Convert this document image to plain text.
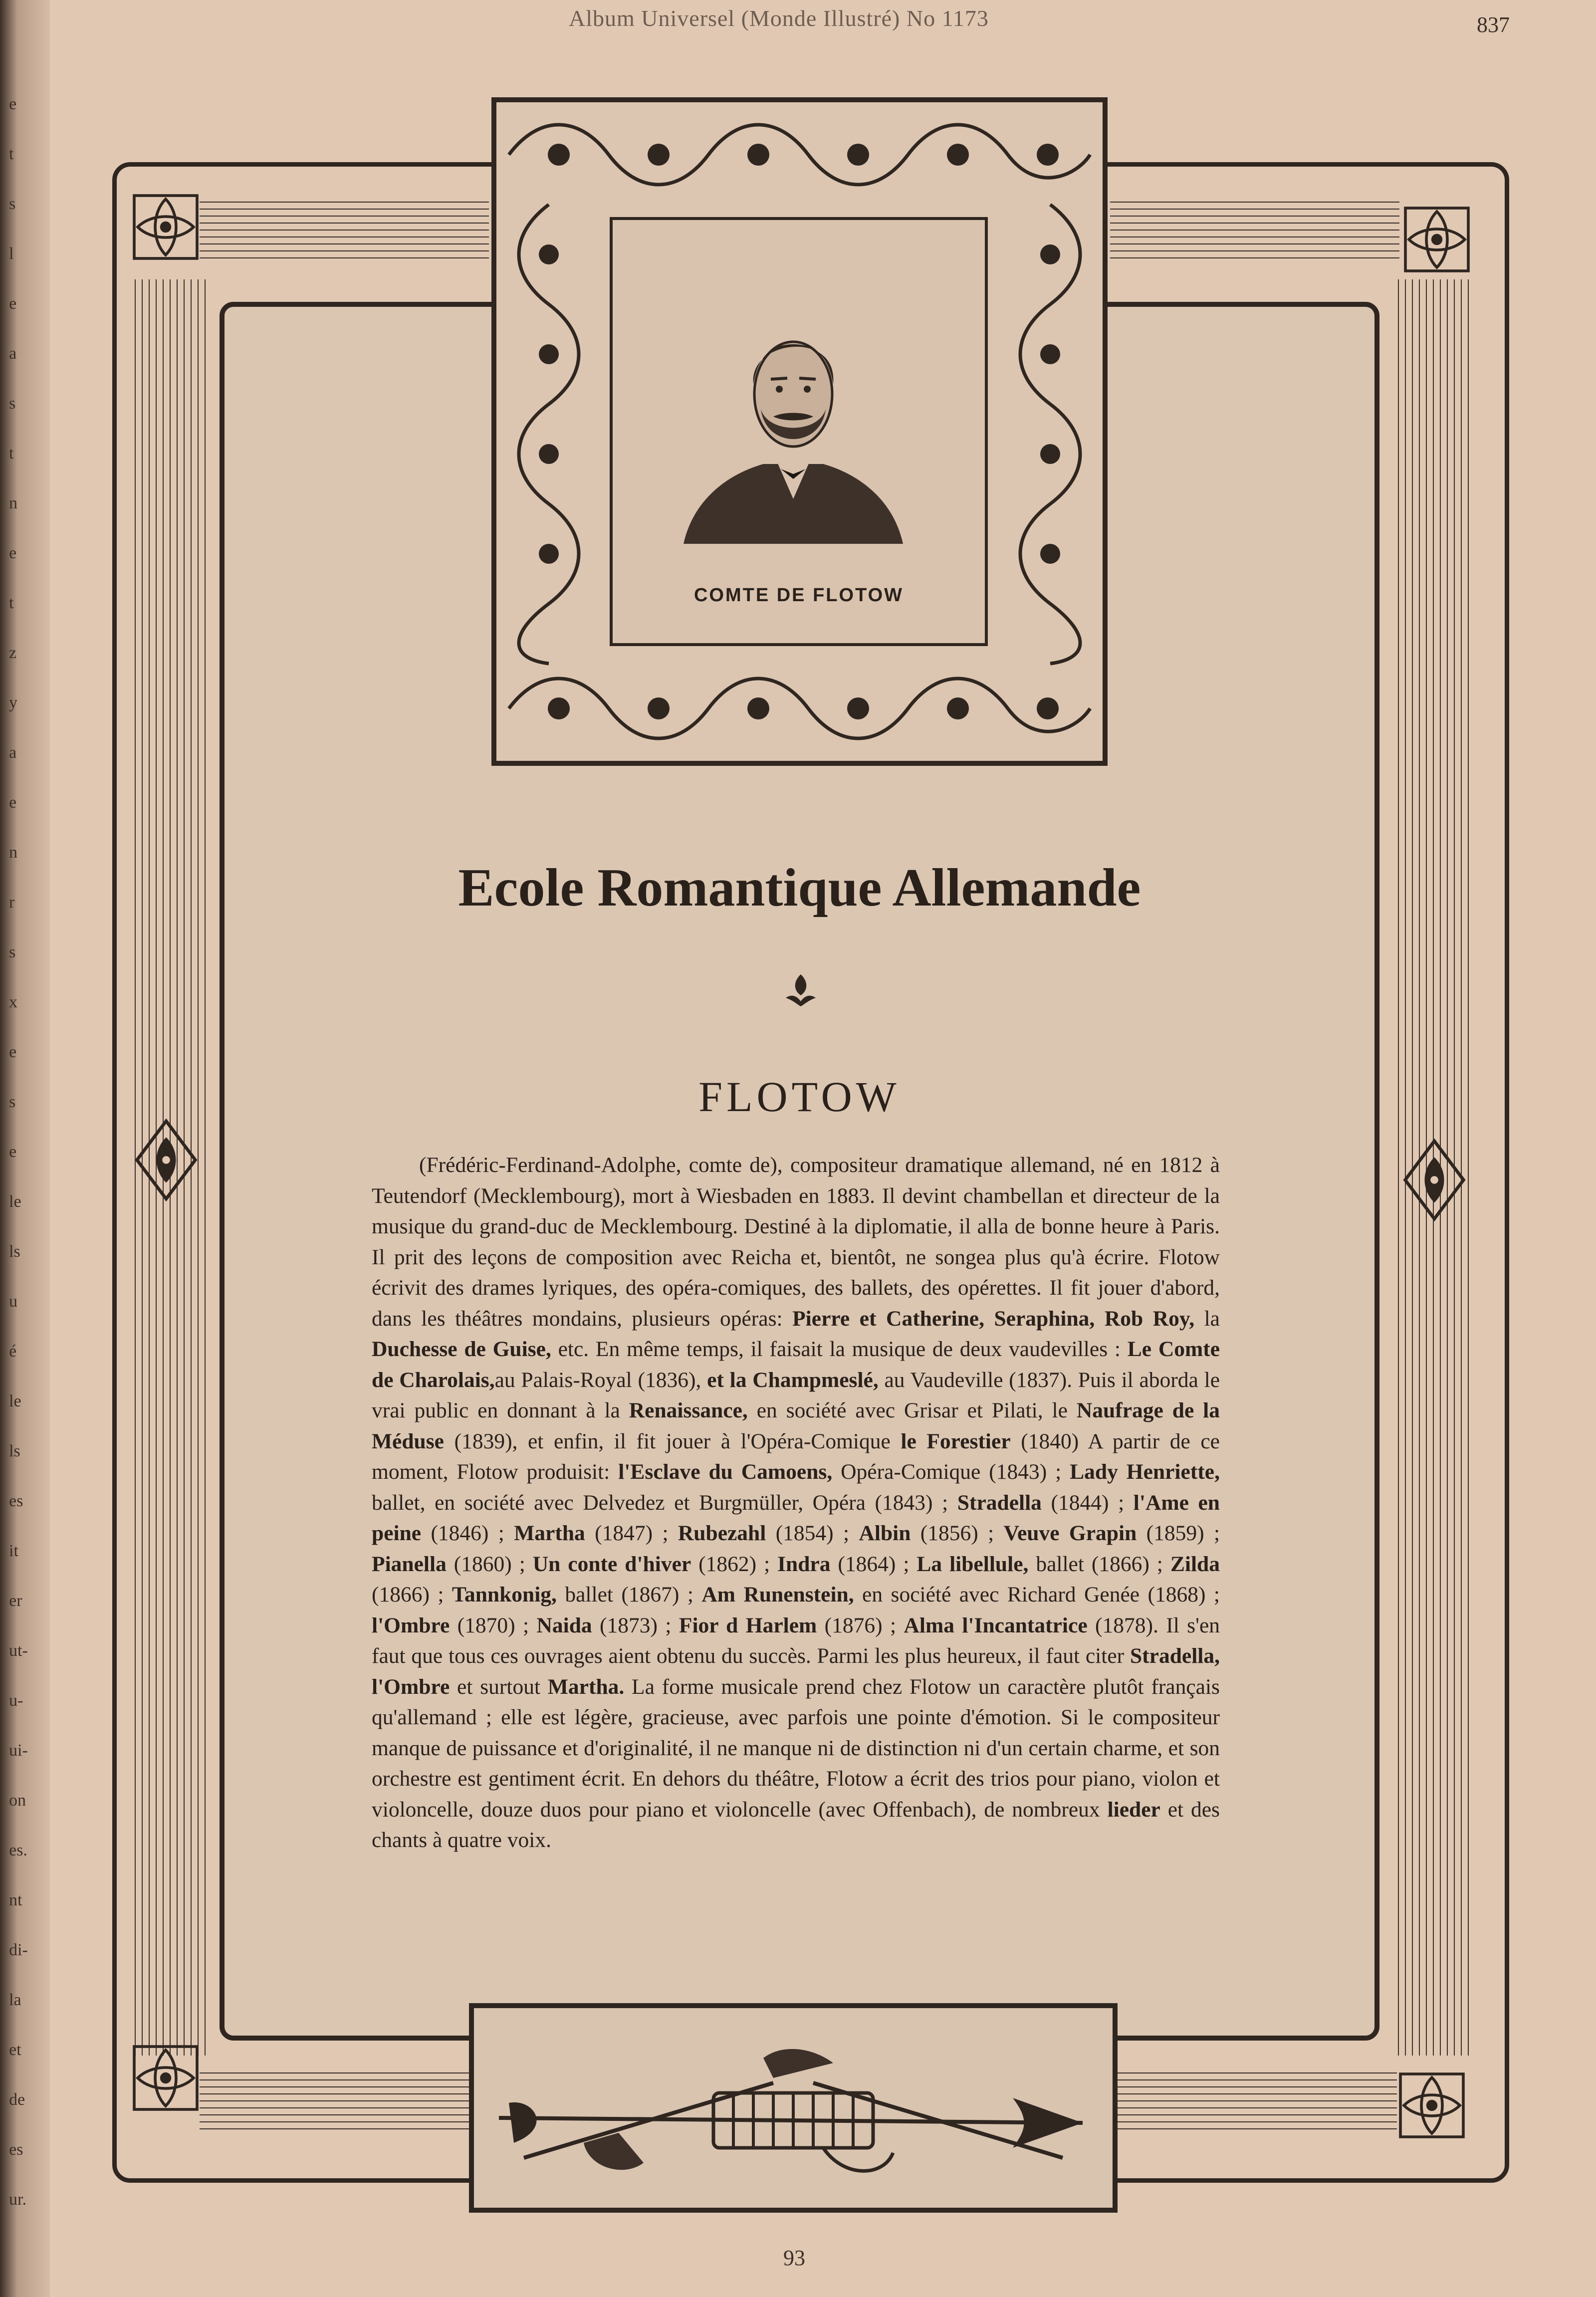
e
t
s
l
e
a
s
t
n
e
t
z
y
a
e
n
r
s
x
e
s
e
le
ls
u
é
le
ls
es
it
er
ut-
u-
ui-
on
es.
nt
di-
la
et
de
es
ur.
Album Universel (Monde Illustré) No 1173	837
COMTE DE FLOTOW
Ecole Romantique Allemande
FLOTOW
(Frédéric-Ferdinand-Adolphe, comte de), compositeur dramatique allemand, né en 1812 à Teutendorf (Mecklembourg), mort à Wiesbaden en 1883. Il devint chambellan et directeur de la musique du grand-duc de Mecklembourg. Destiné à la diplomatie, il alla de bonne heure à Paris. Il prit des leçons de composition avec Reicha et, bientôt, ne songea plus qu'à écrire. Flotow écrivit des drames lyriques, des opéra-comiques, des ballets, des opérettes. Il fit jouer d'abord, dans les théâtres mondains, plusieurs opéras: Pierre et Catherine, Seraphina, Rob Roy, la Duchesse de Guise, etc. En même temps, il faisait la musique de deux vaudevilles : Le Comte de Charolais,au Palais-Royal (1836), et la Champmeslé, au Vaudeville (1837). Puis il aborda le vrai public en donnant à la Renaissance, en société avec Grisar et Pilati, le Naufrage de la Méduse (1839), et enfin, il fit jouer à l'Opéra-Comique le Forestier (1840) A partir de ce moment, Flotow produisit: l'Esclave du Camoens, Opéra-Comique (1843) ; Lady Henriette, ballet, en société avec Delvedez et Burgmüller, Opéra (1843) ; Stradella (1844) ; l'Ame en peine (1846) ; Martha (1847) ; Rubezahl (1854) ; Albin (1856) ; Veuve Grapin (1859) ; Pianella (1860) ; Un conte d'hiver (1862) ; Indra (1864) ; La libellule, ballet (1866) ; Zilda (1866) ; Tannkonig, ballet (1867) ; Am Runenstein, en société avec Richard Genée (1868) ; l'Ombre (1870) ; Naida (1873) ; Fior d Harlem (1876) ; Alma l'Incantatrice (1878). Il s'en faut que tous ces ouvrages aient obtenu du succès. Parmi les plus heureux, il faut citer Stradella, l'Ombre et surtout Martha. La forme musicale prend chez Flotow un caractère plutôt français qu'allemand ; elle est légère, gracieuse, avec parfois une pointe d'émotion. Si le compositeur manque de puissance et d'originalité, il ne manque ni de distinction ni d'un certain charme, et son orchestre est gentiment écrit. En dehors du théâtre, Flotow a écrit des trios pour piano, violon et violoncelle, douze duos pour piano et violoncelle (avec Offenbach), de nombreux lieder et des chants à quatre voix.
93
